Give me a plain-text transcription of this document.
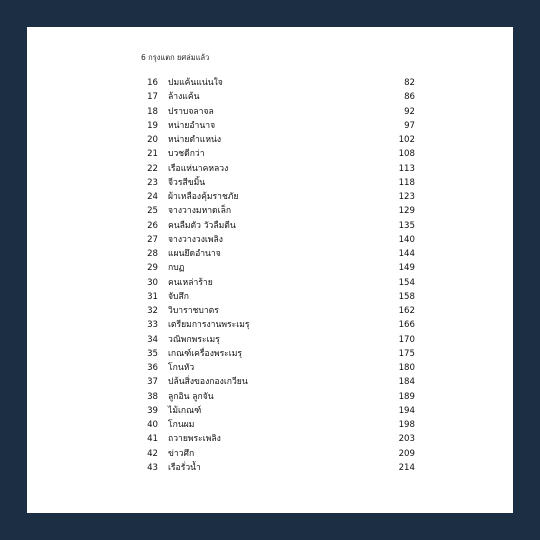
6 กรุงแตก ยศล่มแล้ว
16 ปมแค้นแน่นใจ	82
17 ล้างแค้น	86
18 ปราบจลาจล	92
19 หน่ายอำนาจ	97
20 หน่ายตำแหน่ง	102
21 บวชดีกว่า	108
22 เรือแห่นาคหลวง	113
23 จีวรสีขมิ้น	118
24 ผ้าเหลืองคุ้มราชภัย	123
25 จางวางมหาดเล็ก	129
26 คนลืมตัว วัวลืมตีน	135
27 จางวางวงเพลิง	140
28 แผนยึดอำนาจ	144
29 กบฏ	149
30 คนเหล่าร้าย	154
31 จับสึก	158
32 วิบาราชบาตร	162
33 เตรียมการงานพระเมรุ	166
34 วณิพกพระเมรุ	170
35 เกณฑ์เครื่องพระเมรุ	175
36 โกนหัว	180
37 ปล้นสิ่งของกองเกวียน	184
38 ลูกอิน ลูกจัน	189
39 ไม้เกณฑ์	194
40 โกนผม	198
41 ถวายพระเพลิง	203
42 ข่าวศึก	209
43 เรือรั่วน้ำ	214
